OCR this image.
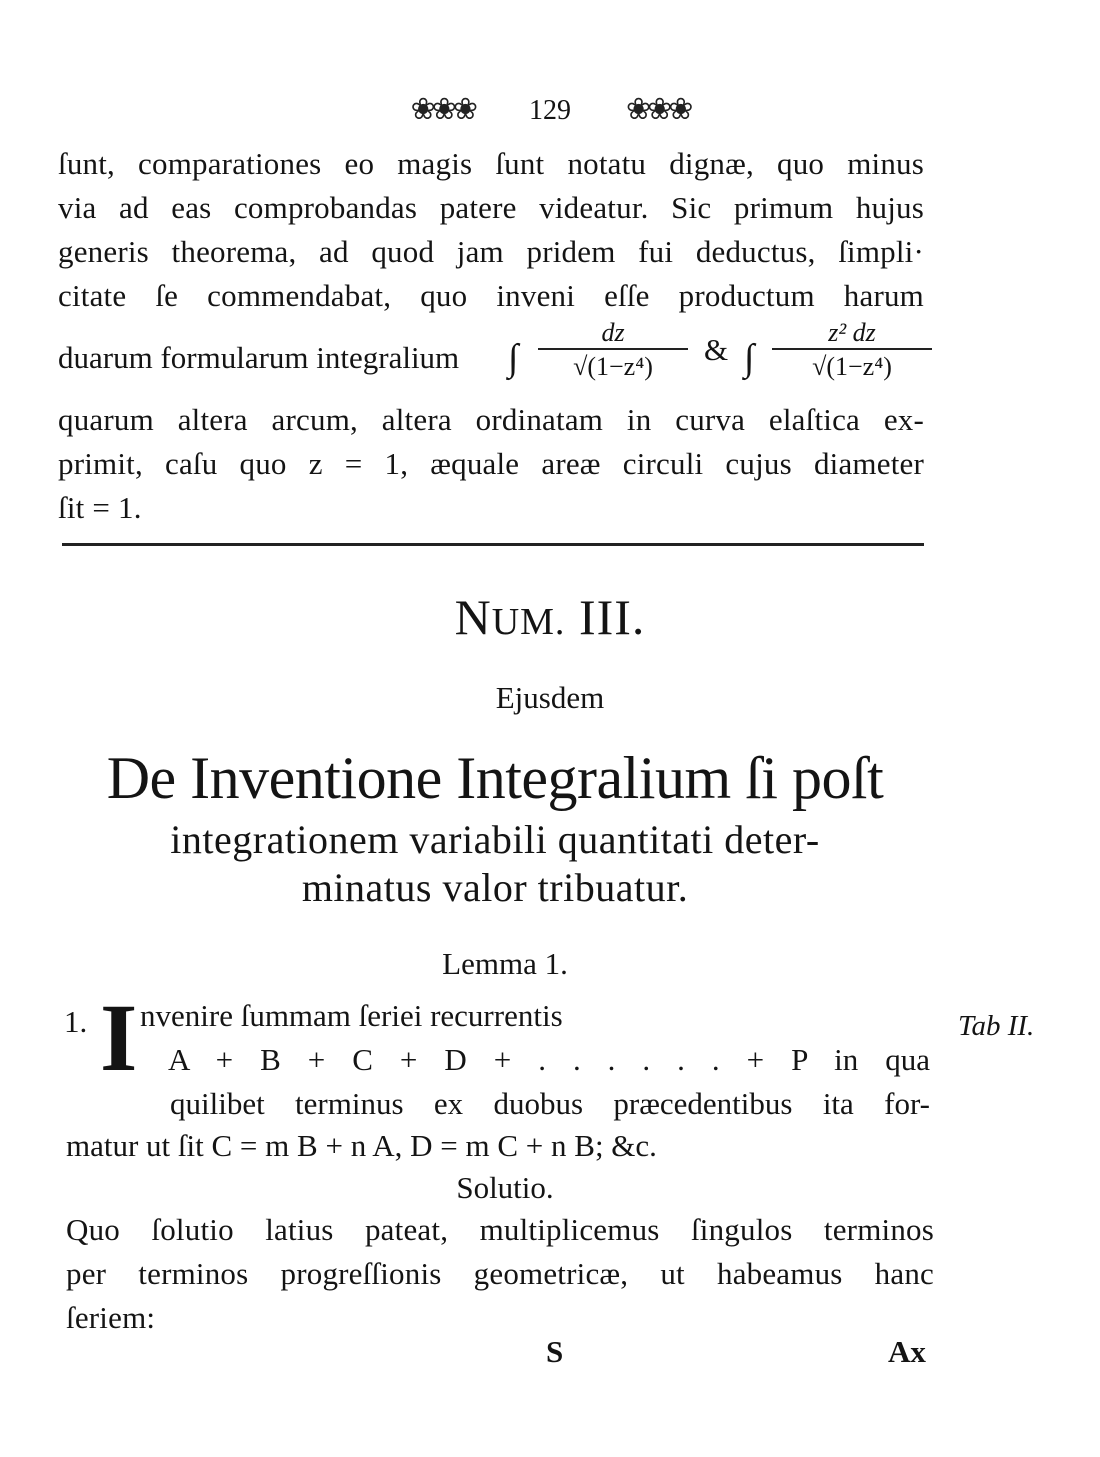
❀❀❀ 129 ❀❀❀
ſunt, comparationes eo magis ſunt notatu dignæ, quo minus
via ad eas comprobandas patere videatur. Sic primum hujus
generis theorema, ad quod jam pridem fui deductus, ſimpli·
citate ſe commendabat, quo inveni eſſe productum harum
duarum formularum integralium ∫ $\frac{dz}{\text{√(1−z⁴)}}$ & ∫ $\frac{\text{z² dz}}{\text{√(1−z⁴)}}$
quarum altera arcum, altera ordinatam in curva elaſtica ex-
primit, caſu quo z = 1, æquale areæ circuli cujus diameter
ſit = 1.
NUM. III.
Ejusdem
De Inventione Integralium ſi poſt
integrationem variabili quantitati deter-
minatus valor tribuatur.
Lemma 1.
1. I nvenire ſummam ſeriei recurrentis
A + B + C + D + . . . . . . + P in qua
quilibet terminus ex duobus præcedentibus ita for-
matur ut ſit C = m B + n A, D = m C + n B; &c.
Tab II.
Solutio.
Quo ſolutio latius pateat, multiplicemus ſingulos terminos
per terminos progreſſionis geometricæ, ut habeamus hanc
ſeriem:
S	Ax
